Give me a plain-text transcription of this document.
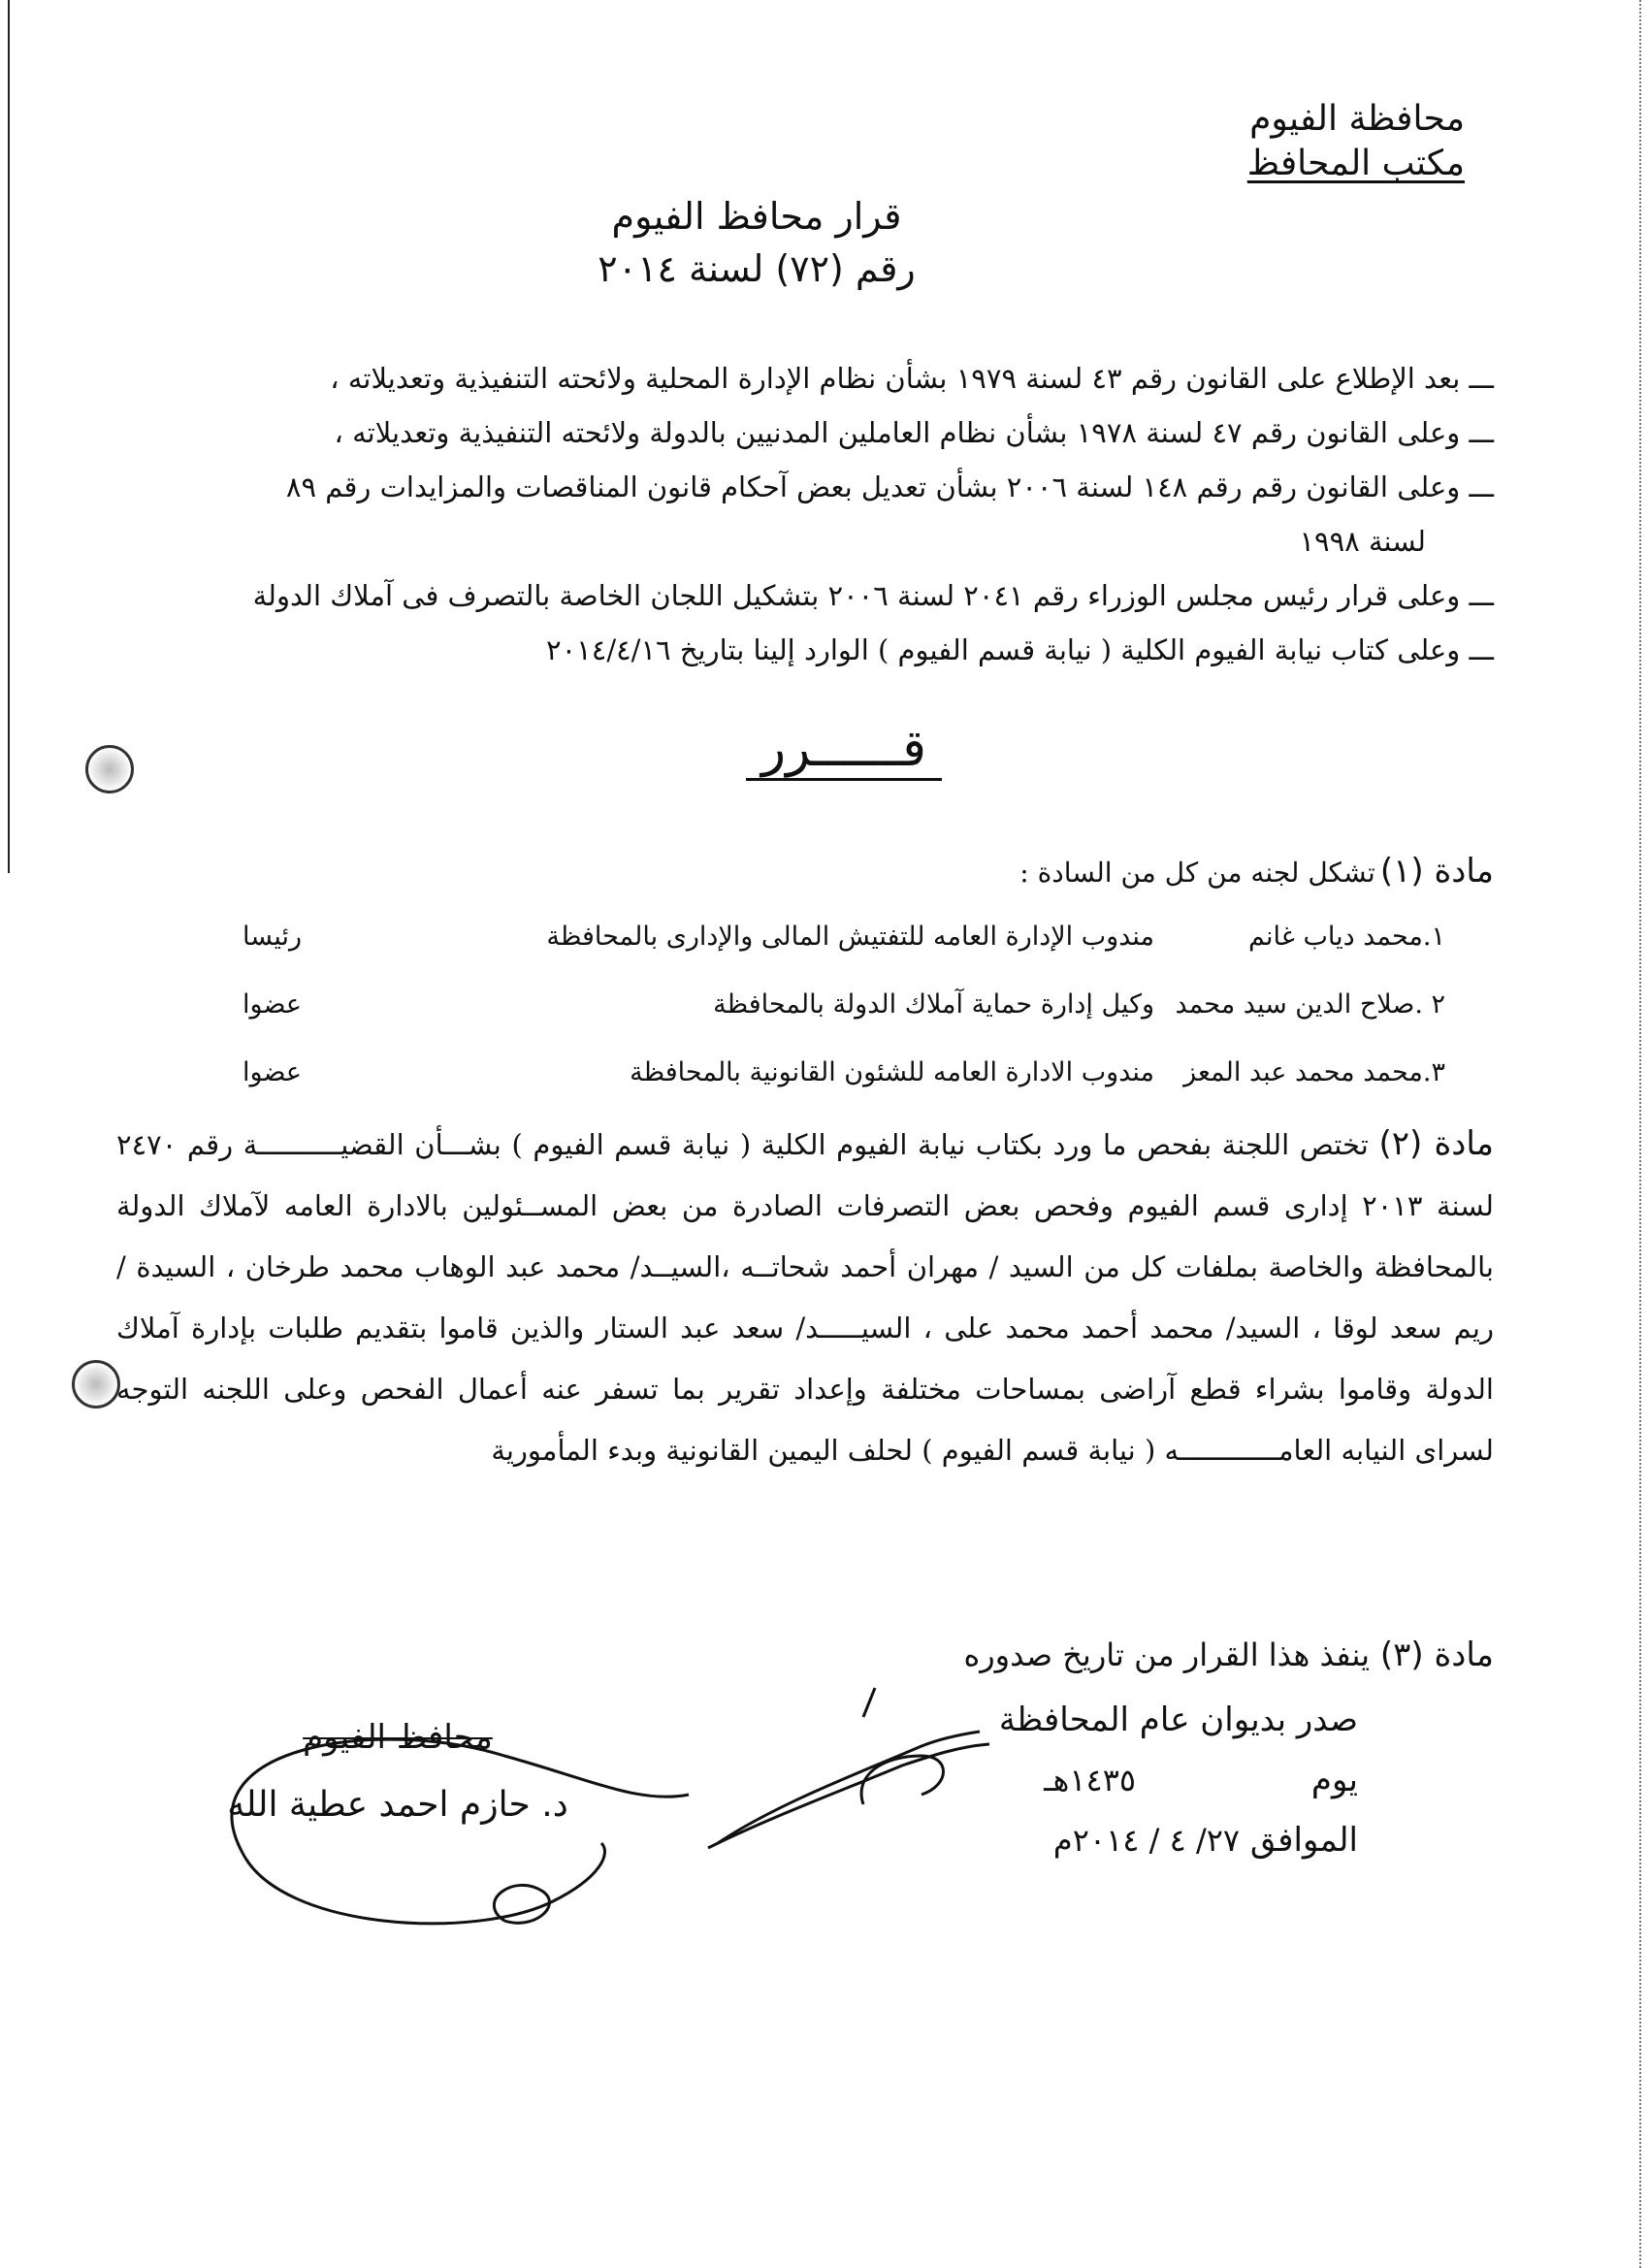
محافظة الفيوم
مكتب المحافظ
قرار محافظ الفيوم
رقم (٧٢) لسنة ٢٠١٤
ـــ بعد الإطلاع على القانون رقم ٤٣ لسنة ١٩٧٩ بشأن نظام الإدارة المحلية ولائحته التنفيذية وتعديلاته ،
ـــ وعلى القانون رقم ٤٧ لسنة ١٩٧٨ بشأن نظام العاملين المدنيين بالدولة ولائحته التنفيذية وتعديلاته ،
ـــ وعلى القانون رقم رقم ١٤٨ لسنة ٢٠٠٦ بشأن تعديل بعض آحكام قانون المناقصات والمزايدات رقم ٨٩
لسنة ١٩٩٨
ـــ وعلى قرار رئيس مجلس الوزراء رقم ٢٠٤١ لسنة ٢٠٠٦ بتشكيل اللجان الخاصة بالتصرف فى آملاك الدولة
ـــ وعلى كتاب نيابة الفيوم الكلية ( نيابة قسم الفيوم ) الوارد إلينا بتاريخ ٢٠١٤/٤/١٦
قــــــرر
مادة (١) تشكل لجنه من كل من السادة :
١.محمد دياب غانم
مندوب الإدارة العامه للتفتيش المالى والإدارى بالمحافظة
رئيسا
٢ .صلاح الدين سيد محمد
وكيل إدارة حماية آملاك الدولة بالمحافظة
عضوا
٣.محمد محمد عبد المعز
مندوب الادارة العامه للشئون القانونية بالمحافظة
عضوا
مادة (٢) تختص اللجنة بفحص ما ورد بكتاب نيابة الفيوم الكلية ( نيابة قسم الفيوم ) بشـــأن القضيــــــــــة رقم ٢٤٧٠ لسنة ٢٠١٣ إدارى قسم الفيوم وفحص بعض التصرفات الصادرة من بعض المســئولين بالادارة العامه لآملاك الدولة بالمحافظة والخاصة بملفات كل من السيد / مهران أحمد شحاتــه ،السيــد/ محمد عبد الوهاب محمد طرخان ، السيدة / ريم سعد لوقا ، السيد/ محمد أحمد محمد على ، السيـــــد/ سعد عبد الستار والذين قاموا بتقديم طلبات بإدارة آملاك الدولة وقاموا بشراء قطع آراضى بمساحات مختلفة وإعداد تقرير بما تسفر عنه أعمال الفحص وعلى اللجنه التوجه لسراى النيابه العامــــــــــــه ( نيابة قسم الفيوم ) لحلف اليمين القانونية وبدء المأمورية
مادة (٣) ينفذ هذا القرار من تاريخ صدوره
صدر بديوان عام المحافظة
يوم ١٤٣٥هـ
الموافق ٢٧/ ٤ / ٢٠١٤م
محافظ الفيوم
د. حازم احمد عطية الله
